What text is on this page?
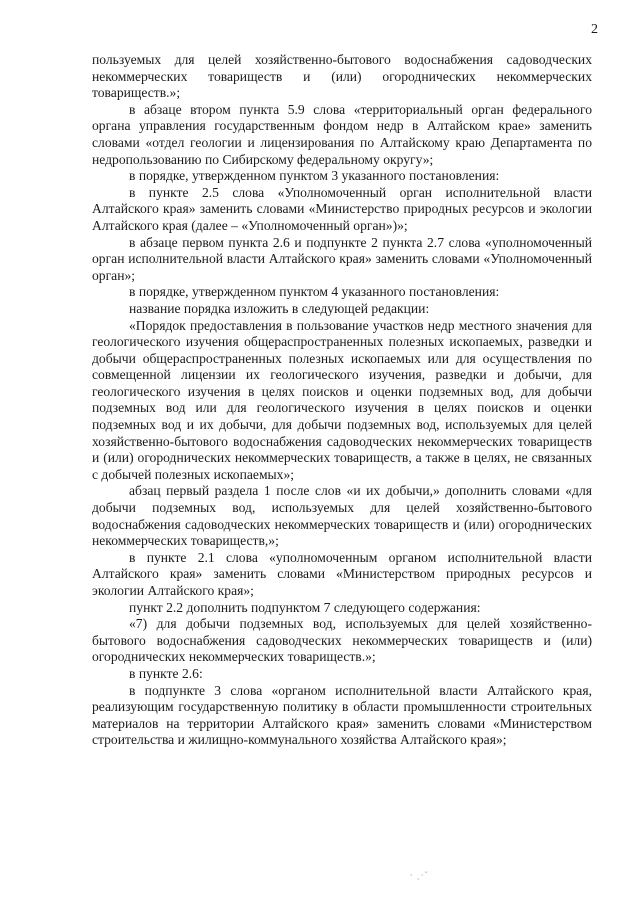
2

пользуемых для целей хозяйственно-бытового водоснабжения садоводческих некоммерческих товариществ и (или) огороднических некоммерческих товариществ.»;

в абзаце втором пункта 5.9 слова «территориальный орган федерального органа управления государственным фондом недр в Алтайском крае» заменить словами «отдел геологии и лицензирования по Алтайскому краю Департамента по недропользованию по Сибирскому федеральному округу»;

в порядке, утвержденном пунктом 3 указанного постановления:

в пункте 2.5 слова «Уполномоченный орган исполнительной власти Алтайского края» заменить словами «Министерство природных ресурсов и экологии Алтайского края (далее – «Уполномоченный орган»)»;

в абзаце первом пункта 2.6 и подпункте 2 пункта 2.7 слова «уполномоченный орган исполнительной власти Алтайского края» заменить словами «Уполномоченный орган»;

в порядке, утвержденном пунктом 4 указанного постановления:

название порядка изложить в следующей редакции:

«Порядок предоставления в пользование участков недр местного значения для геологического изучения общераспространенных полезных ископаемых, разведки и добычи общераспространенных полезных ископаемых или для осуществления по совмещенной лицензии их геологического изучения, разведки и добычи, для геологического изучения в целях поисков и оценки подземных вод, для добычи подземных вод или для геологического изучения в целях поисков и оценки подземных вод и их добычи, для добычи подземных вод, используемых для целей хозяйственно-бытового водоснабжения садоводческих некоммерческих товариществ и (или) огороднических некоммерческих товариществ, а также в целях, не связанных с добычей полезных ископаемых»;

абзац первый раздела 1 после слов «и их добычи,» дополнить словами «для добычи подземных вод, используемых для целей хозяйственно-бытового водоснабжения садоводческих некоммерческих товариществ и (или) огороднических некоммерческих товариществ,»;

в пункте 2.1 слова «уполномоченным органом исполнительной власти Алтайского края» заменить словами «Министерством природных ресурсов и экологии Алтайского края»;

пункт 2.2 дополнить подпунктом 7 следующего содержания:

«7) для добычи подземных вод, используемых для целей хозяйственно-бытового водоснабжения садоводческих некоммерческих товариществ и (или) огороднических некоммерческих товариществ.»;

в пункте 2.6:

в подпункте 3 слова «органом исполнительной власти Алтайского края, реализующим государственную политику в области промышленности строительных материалов на территории Алтайского края» заменить словами «Министерством строительства и жилищно-коммунального хозяйства Алтайского края»;

⸱ ˎ·˘
